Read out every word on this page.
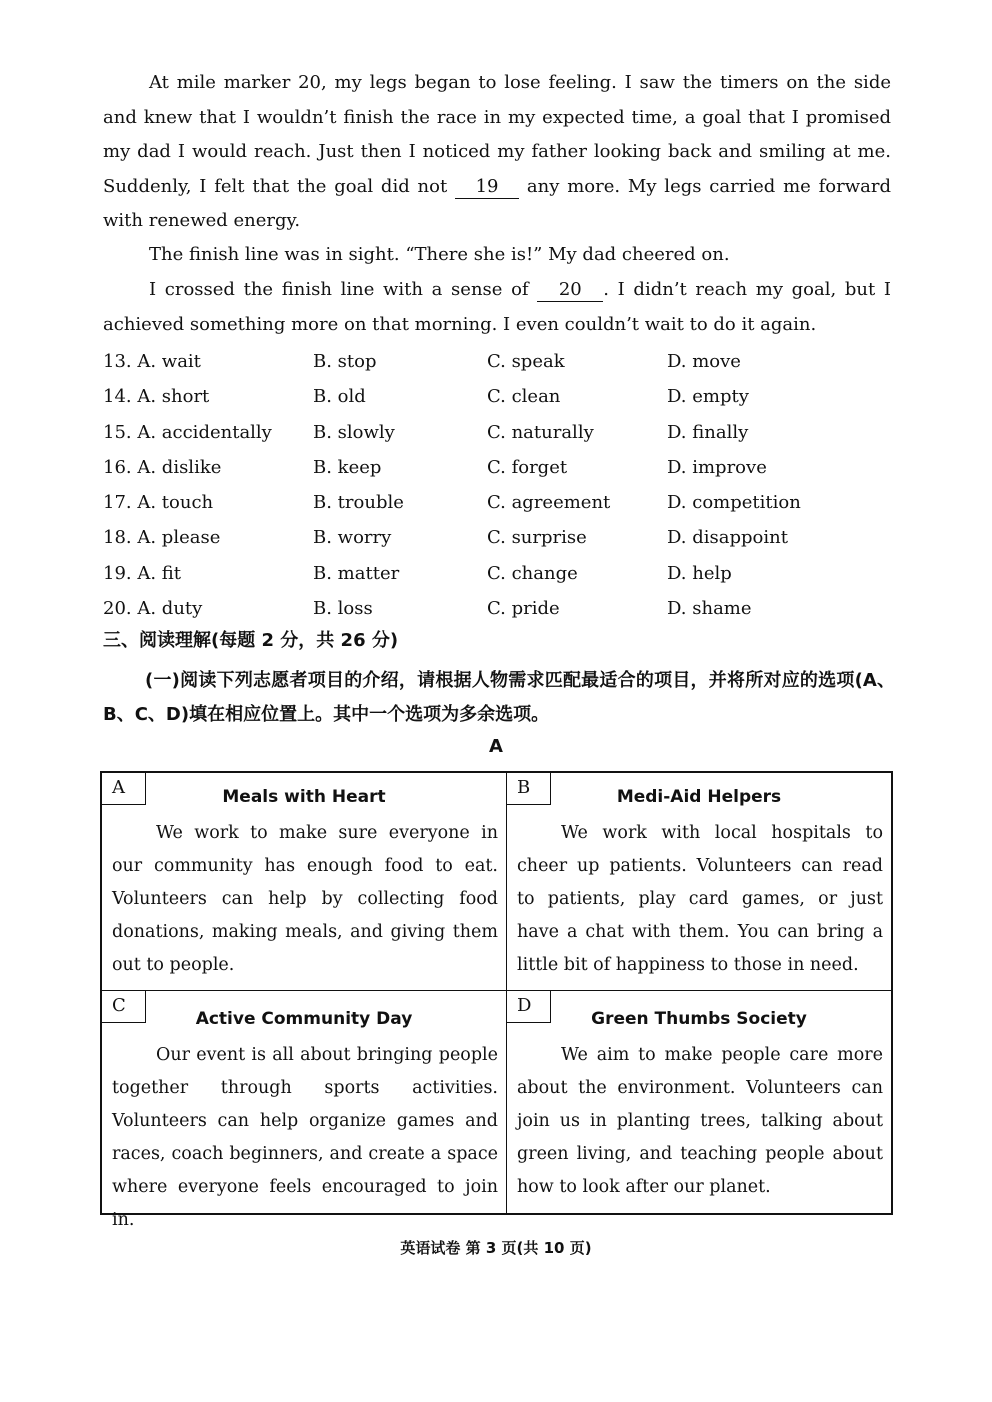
At mile marker 20, my legs began to lose feeling. I saw the timers on the side and knew that I wouldn’t finish the race in my expected time, a goal that I promised my dad I would reach. Just then I noticed my father looking back and smiling at me. Suddenly, I felt that the goal did not 19 any more. My legs carried me forward with renewed energy.
The finish line was in sight. “There she is!” My dad cheered on.
I crossed the finish line with a sense of 20 . I didn’t reach my goal, but I achieved something more on that morning. I even couldn’t wait to do it again.
13. A. wait	B. stop	C. speak	D. move
14. A. short	B. old	C. clean	D. empty
15. A. accidentally B. slowly	C. naturally	D. finally
16. A. dislike	B. keep	C. forget	D. improve
17. A. touch	B. trouble	C. agreement	D. competition
18. A. please	B. worry	C. surprise	D. disappoint
19. A. fit	B. matter	C. change	D. help
20. A. duty	B. loss	C. pride	D. shame
三、阅读理解(每题 2 分，共 26 分)
(一)阅读下列志愿者项目的介绍，请根据人物需求匹配最适合的项目，并将所对应的选项(A、B、C、D)填在相应位置上。其中一个选项为多余选项。
A
A	Meals with Heart
We work to make sure everyone in our community has enough food to eat. Volunteers can help by collecting food donations, making meals, and giving them out to people.
B	Medi-Aid Helpers
We work with local hospitals to cheer up patients. Volunteers can read to patients, play card games, or just have a chat with them. You can bring a little bit of happiness to those in need.
C
Active Community Day
Our event is all about bringing people together through sports activities. Volunteers can help organize games and races, coach beginners, and create a space where everyone feels encouraged to join in.
D
Green Thumbs Society
We aim to make people care more about the environment. Volunteers can join us in planting trees, talking about green living, and teaching people about how to look after our planet.
英语试卷 第 3 页(共 10 页)
